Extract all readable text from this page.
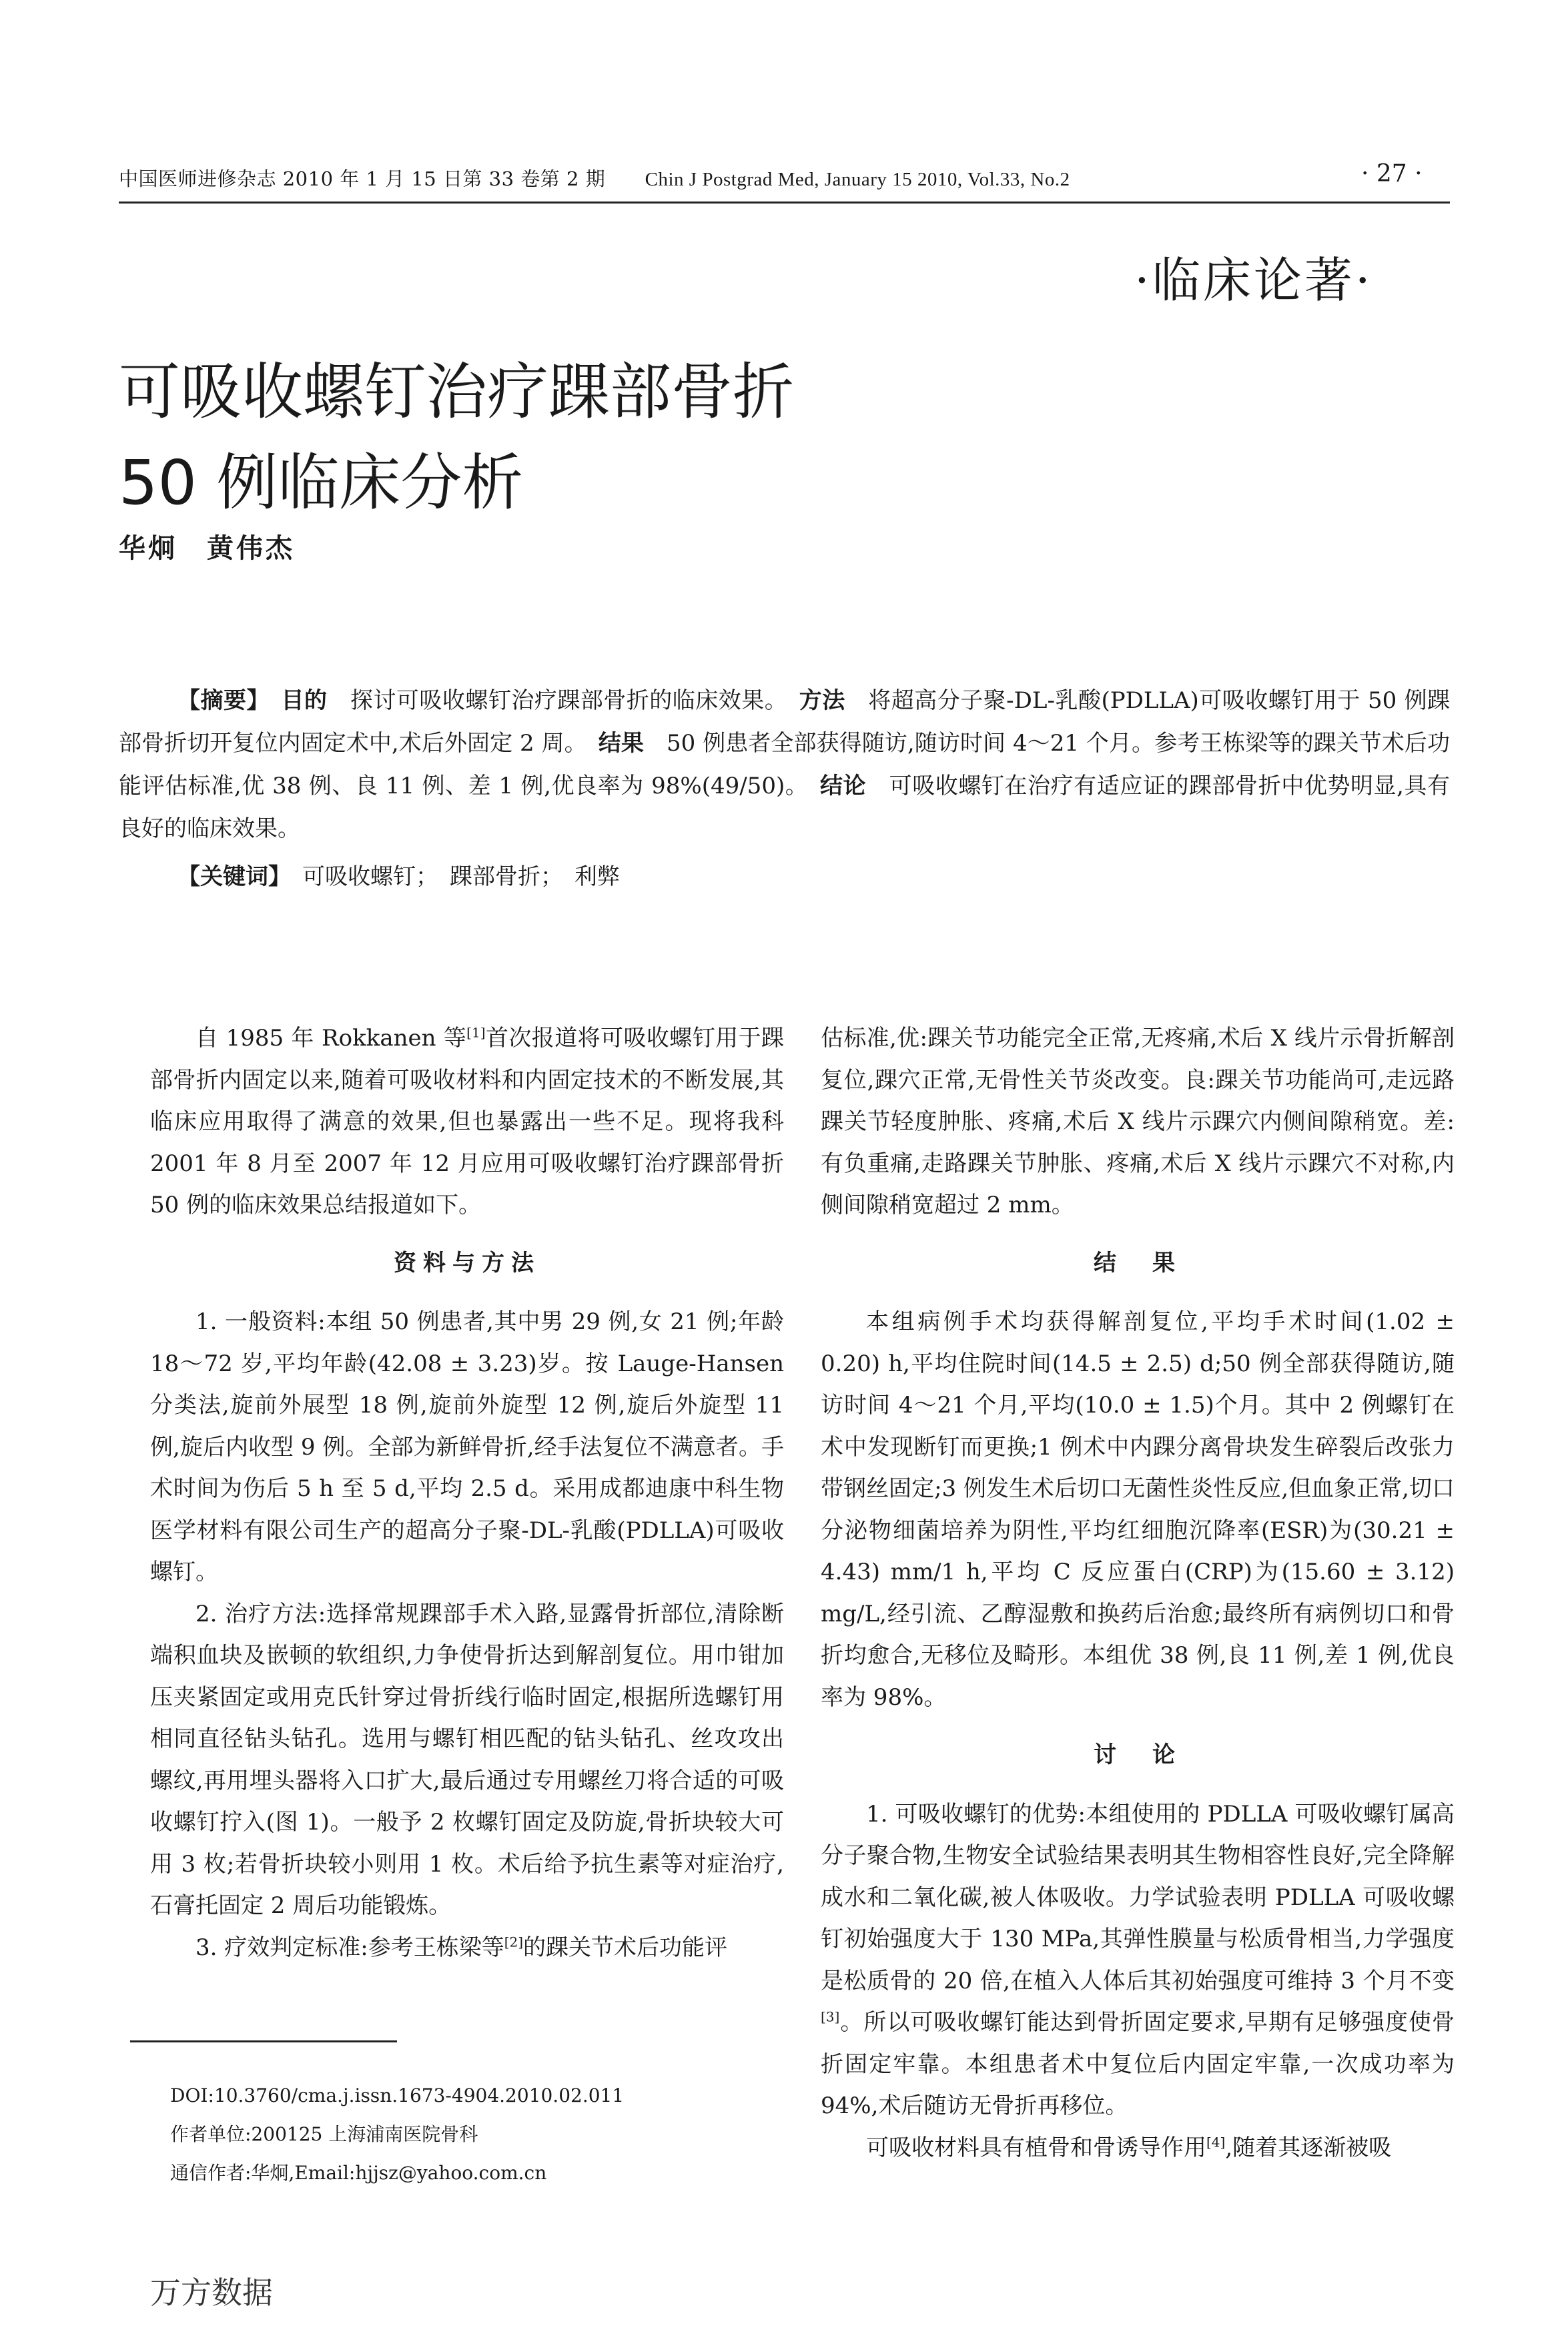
中国医师进修杂志 2010 年 1 月 15 日第 33 卷第 2 期 Chin J Postgrad Med, January 15 2010, Vol.33, No.2	· 27 ·
·临床论著·
可吸收螺钉治疗踝部骨折
50 例临床分析
华炯　黄伟杰

【摘要】　 目的　 探讨可吸收螺钉治疗踝部骨折的临床效果。　 方法　 将超高分子聚-DL-乳酸(PDLLA)可吸收螺钉用于 50 例踝部骨折切开复位内固定术中,术后外固定 2 周。　 结果　 50 例患者全部获得随访,随访时间 4～21 个月。参考王栋梁等的踝关节术后功能评估标准,优 38 例、良 11 例、差 1 例,优良率为 98%(49/50)。　 结论　 可吸收螺钉在治疗有适应证的踝部骨折中优势明显,具有良好的临床效果。

【关键词】　 可吸收螺钉；　踝部骨折；　利弊

自 1985 年 Rokkanen 等[1]首次报道将可吸收螺钉用于踝部骨折内固定以来,随着可吸收材料和内固定技术的不断发展,其临床应用取得了满意的效果,但也暴露出一些不足。现将我科 2001 年 8 月至 2007 年 12 月应用可吸收螺钉治疗踝部骨折 50 例的临床效果总结报道如下。

资料与方法

1. 一般资料:本组 50 例患者,其中男 29 例,女 21 例;年龄 18～72 岁,平均年龄(42.08 ± 3.23)岁。按 Lauge-Hansen 分类法,旋前外展型 18 例,旋前外旋型 12 例,旋后外旋型 11 例,旋后内收型 9 例。全部为新鲜骨折,经手法复位不满意者。手术时间为伤后 5 h 至 5 d,平均 2.5 d。采用成都迪康中科生物医学材料有限公司生产的超高分子聚-DL-乳酸(PDLLA)可吸收螺钉。

2. 治疗方法:选择常规踝部手术入路,显露骨折部位,清除断端积血块及嵌顿的软组织,力争使骨折达到解剖复位。用巾钳加压夹紧固定或用克氏针穿过骨折线行临时固定,根据所选螺钉用相同直径钻头钻孔。选用与螺钉相匹配的钻头钻孔、丝攻攻出螺纹,再用埋头器将入口扩大,最后通过专用螺丝刀将合适的可吸收螺钉拧入(图 1)。一般予 2 枚螺钉固定及防旋,骨折块较大可用 3 枚;若骨折块较小则用 1 枚。术后给予抗生素等对症治疗,石膏托固定 2 周后功能锻炼。

3. 疗效判定标准:参考王栋梁等[2]的踝关节术后功能评

估标准,优:踝关节功能完全正常,无疼痛,术后 X 线片示骨折解剖复位,踝穴正常,无骨性关节炎改变。良:踝关节功能尚可,走远路踝关节轻度肿胀、疼痛,术后 X 线片示踝穴内侧间隙稍宽。差:有负重痛,走路踝关节肿胀、疼痛,术后 X 线片示踝穴不对称,内侧间隙稍宽超过 2 mm。

结　果

本组病例手术均获得解剖复位,平均手术时间(1.02 ± 0.20) h,平均住院时间(14.5 ± 2.5) d;50 例全部获得随访,随访时间 4～21 个月,平均(10.0 ± 1.5)个月。其中 2 例螺钉在术中发现断钉而更换;1 例术中内踝分离骨块发生碎裂后改张力带钢丝固定;3 例发生术后切口无菌性炎性反应,但血象正常,切口分泌物细菌培养为阴性,平均红细胞沉降率(ESR)为(30.21 ± 4.43) mm/1 h,平均 C 反应蛋白(CRP)为(15.60 ± 3.12) mg/L,经引流、乙醇湿敷和换药后治愈;最终所有病例切口和骨折均愈合,无移位及畸形。本组优 38 例,良 11 例,差 1 例,优良率为 98%。

讨　论

1. 可吸收螺钉的优势:本组使用的 PDLLA 可吸收螺钉属高分子聚合物,生物安全试验结果表明其生物相容性良好,完全降解成水和二氧化碳,被人体吸收。力学试验表明 PDLLA 可吸收螺钉初始强度大于 130 MPa,其弹性膜量与松质骨相当,力学强度是松质骨的 20 倍,在植入人体后其初始强度可维持 3 个月不变[3]。所以可吸收螺钉能达到骨折固定要求,早期有足够强度使骨折固定牢靠。本组患者术中复位后内固定牢靠,一次成功率为 94%,术后随访无骨折再移位。

可吸收材料具有植骨和骨诱导作用[4],随着其逐渐被吸

DOI:10.3760/cma.j.issn.1673-4904.2010.02.011
作者单位:200125 上海浦南医院骨科
通信作者:华炯,Email:hjjsz@yahoo.com.cn
万方数据
